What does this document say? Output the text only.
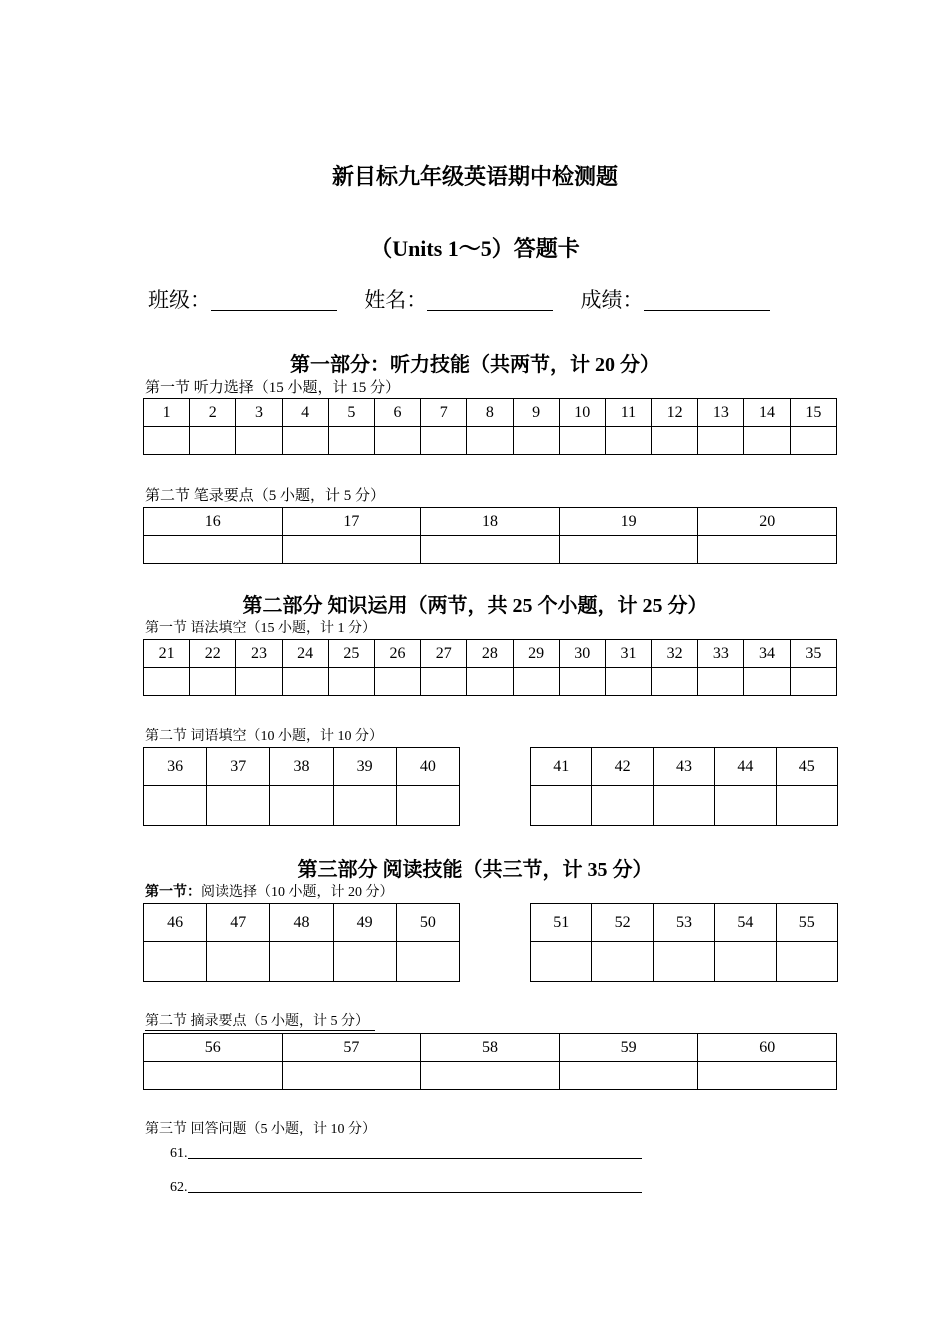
新目标九年级英语期中检测题
（Units 1～5）答题卡
班级：	姓名：	成绩：
第一部分：听力技能（共两节，计 20 分）
第一节 听力选择（15 小题，计 15 分）
1	2	3	4	5	6	7	8	9	10	11	12	13	14	15

第二节 笔录要点（5 小题，计 5 分）
16	17	18	19	20

第二部分 知识运用（两节，共 25 个小题，计 25 分）
第一节 语法填空（15 小题，计 1 分）
21	22	23	24	25	26	27	28	29	30	31	32	33	34	35

第二节 词语填空（10 小题，计 10 分）
36	37	38	39	40
					41	42	43	44	45

第三部分 阅读技能（共三节，计 35 分）
第一节：阅读选择（10 小题，计 20 分）
46	47	48	49	50
					51	52	53	54	55

第二节 摘录要点（5 小题，计 5 分）
56	57	58	59	60

第三节 回答问题（5 小题，计 10 分）
61.
62.
